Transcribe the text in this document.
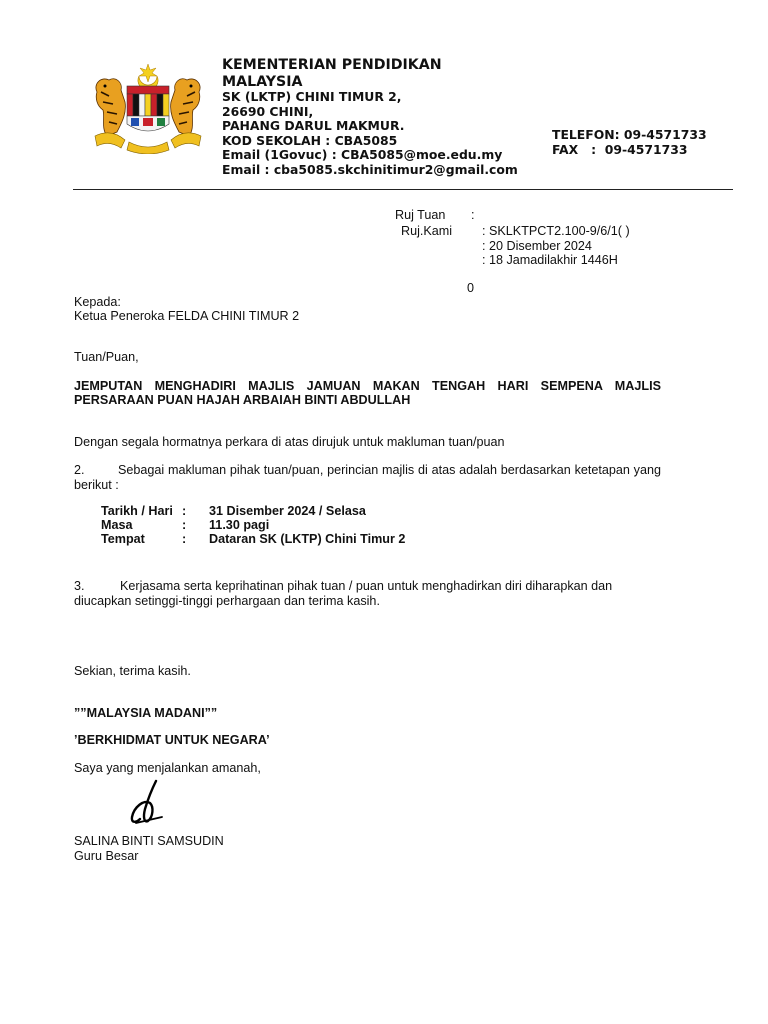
KEMENTERIAN PENDIDIKAN MALAYSIA
SK (LKTP) CHINI TIMUR 2,
26690 CHINI,
PAHANG DARUL MAKMUR.
KOD SEKOLAH : CBA5085
Email (1Govuc) : CBA5085@moe.edu.my
Email : cba5085.skchinitimur2@gmail.com
TELEFON: 09-4571733
FAX   :  09-4571733
Ruj Tuan :
Ruj.Kami : SKLKTPCT2.100-9/6/1( )
: 20 Disember 2024
: 18 Jamadilakhir 1446H
0
Kepada:
Ketua Peneroka FELDA CHINI TIMUR 2
Tuan/Puan,
JEMPUTAN MENGHADIRI MAJLIS JAMUAN MAKAN TENGAH HARI SEMPENA MAJLIS PERSARAAN PUAN HAJAH ARBAIAH BINTI ABDULLAH
Dengan segala hormatnya perkara di atas dirujuk untuk makluman tuan/puan
2.	Sebagai makluman pihak tuan/puan, perincian majlis di atas adalah berdasarkan ketetapan yang berikut :
Tarikh / Hari : 31 Disember 2024 / Selasa
Masa	: 11.30 pagi
Tempat	: Dataran SK (LKTP) Chini Timur 2
3.	Kerjasama serta keprihatinan pihak tuan / puan untuk menghadirkan diri diharapkan dan diucapkan setinggi-tinggi perhargaan dan terima kasih.
Sekian, terima kasih.
””MALAYSIA MADANI””
’BERKHIDMAT UNTUK NEGARA’
Saya yang menjalankan amanah,
SALINA BINTI SAMSUDIN
Guru Besar
